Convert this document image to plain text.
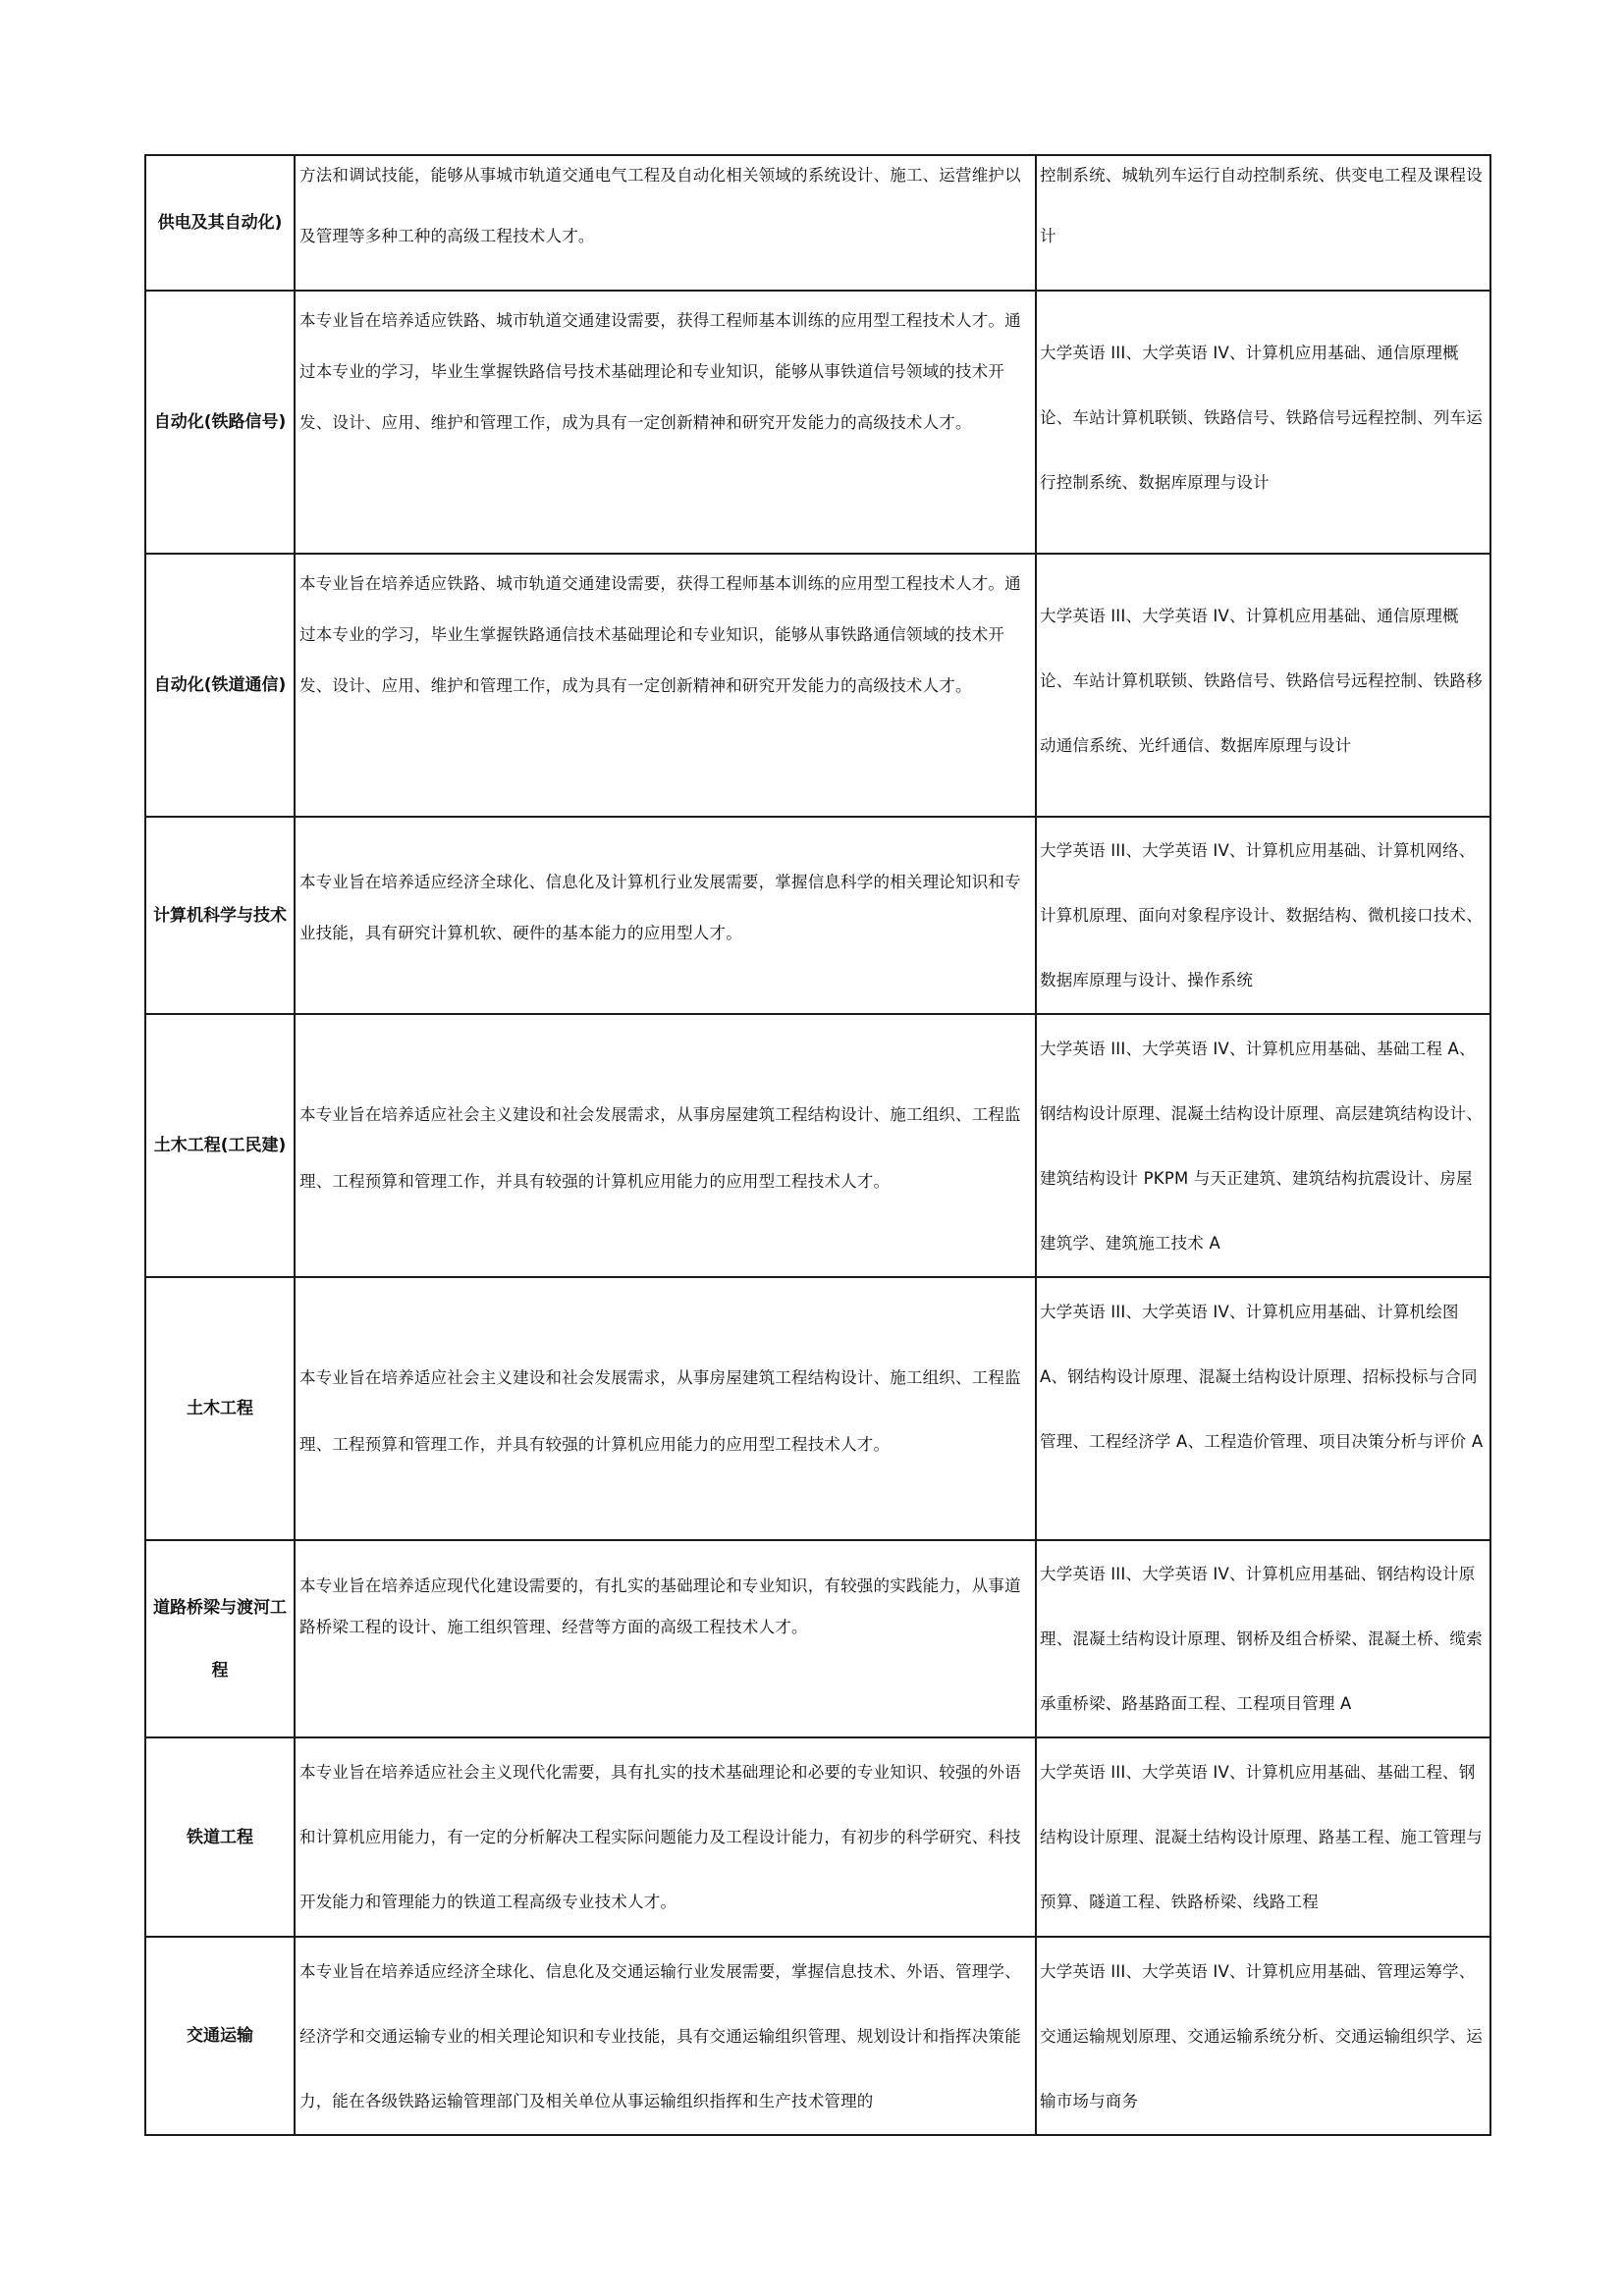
供电及其自动化)	方法和调试技能，能够从事城市轨道交通电气工程及自动化相关领域的系统设计、施工、运营维护以及管理等多种工种的高级工程技术人才。	控制系统、城轨列车运行自动控制系统、供变电工程及课程设计

自动化(铁路信号)	本专业旨在培养适应铁路、城市轨道交通建设需要，获得工程师基本训练的应用型工程技术人才。通过本专业的学习，毕业生掌握铁路信号技术基础理论和专业知识，能够从事铁道信号领域的技术开发、设计、应用、维护和管理工作，成为具有一定创新精神和研究开发能力的高级技术人才。	大学英语 III、大学英语 IV、计算机应用基础、通信原理概论、车站计算机联锁、铁路信号、铁路信号远程控制、列车运行控制系统、数据库原理与设计

自动化(铁道通信)	本专业旨在培养适应铁路、城市轨道交通建设需要，获得工程师基本训练的应用型工程技术人才。通过本专业的学习，毕业生掌握铁路通信技术基础理论和专业知识，能够从事铁路通信领域的技术开发、设计、应用、维护和管理工作，成为具有一定创新精神和研究开发能力的高级技术人才。	大学英语 III、大学英语 IV、计算机应用基础、通信原理概论、车站计算机联锁、铁路信号、铁路信号远程控制、铁路移动通信系统、光纤通信、数据库原理与设计

计算机科学与技术	本专业旨在培养适应经济全球化、信息化及计算机行业发展需要，掌握信息科学的相关理论知识和专业技能，具有研究计算机软、硬件的基本能力的应用型人才。	大学英语 III、大学英语 IV、计算机应用基础、计算机网络、计算机原理、面向对象程序设计、数据结构、微机接口技术、数据库原理与设计、操作系统

土木工程(工民建)	本专业旨在培养适应社会主义建设和社会发展需求，从事房屋建筑工程结构设计、施工组织、工程监理、工程预算和管理工作，并具有较强的计算机应用能力的应用型工程技术人才。	大学英语 III、大学英语 IV、计算机应用基础、基础工程 A、钢结构设计原理、混凝土结构设计原理、高层建筑结构设计、建筑结构设计 PKPM 与天正建筑、建筑结构抗震设计、房屋建筑学、建筑施工技术 A

土木工程	本专业旨在培养适应社会主义建设和社会发展需求，从事房屋建筑工程结构设计、施工组织、工程监理、工程预算和管理工作，并具有较强的计算机应用能力的应用型工程技术人才。	大学英语 III、大学英语 IV、计算机应用基础、计算机绘图 A、钢结构设计原理、混凝土结构设计原理、招标投标与合同管理、工程经济学 A、工程造价管理、项目决策分析与评价 A

道路桥梁与渡河工程	本专业旨在培养适应现代化建设需要的，有扎实的基础理论和专业知识，有较强的实践能力，从事道路桥梁工程的设计、施工组织管理、经营等方面的高级工程技术人才。	大学英语 III、大学英语 IV、计算机应用基础、钢结构设计原理、混凝土结构设计原理、钢桥及组合桥梁、混凝土桥、缆索承重桥梁、路基路面工程、工程项目管理 A

铁道工程	本专业旨在培养适应社会主义现代化需要，具有扎实的技术基础理论和必要的专业知识、较强的外语和计算机应用能力，有一定的分析解决工程实际问题能力及工程设计能力，有初步的科学研究、科技开发能力和管理能力的铁道工程高级专业技术人才。	大学英语 III、大学英语 IV、计算机应用基础、基础工程、钢结构设计原理、混凝土结构设计原理、路基工程、施工管理与预算、隧道工程、铁路桥梁、线路工程

交通运输	本专业旨在培养适应经济全球化、信息化及交通运输行业发展需要，掌握信息技术、外语、管理学、经济学和交通运输专业的相关理论知识和专业技能，具有交通运输组织管理、规划设计和指挥决策能力，能在各级铁路运输管理部门及相关单位从事运输组织指挥和生产技术管理的	大学英语 III、大学英语 IV、计算机应用基础、管理运筹学、交通运输规划原理、交通运输系统分析、交通运输组织学、运输市场与商务
